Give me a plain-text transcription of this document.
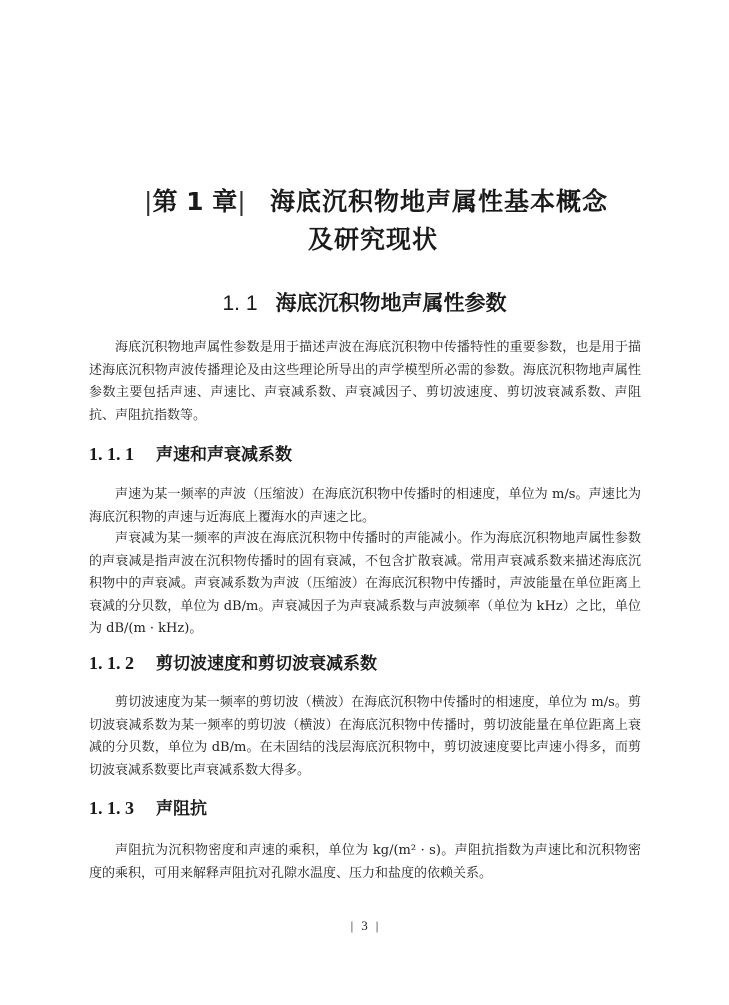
|第 1 章| 海底沉积物地声属性基本概念
及研究现状
1. 1 海底沉积物地声属性参数
海底沉积物地声属性参数是用于描述声波在海底沉积物中传播特性的重要参数，也是用于描述海底沉积物声波传播理论及由这些理论所导出的声学模型所必需的参数。海底沉积物地声属性参数主要包括声速、声速比、声衰减系数、声衰减因子、剪切波速度、剪切波衰减系数、声阻抗、声阻抗指数等。
1. 1. 1 声速和声衰减系数
声速为某一频率的声波（压缩波）在海底沉积物中传播时的相速度，单位为 m/s。声速比为海底沉积物的声速与近海底上覆海水的声速之比。
声衰减为某一频率的声波在海底沉积物中传播时的声能减小。作为海底沉积物地声属性参数的声衰减是指声波在沉积物传播时的固有衰减，不包含扩散衰减。常用声衰减系数来描述海底沉积物中的声衰减。声衰减系数为声波（压缩波）在海底沉积物中传播时，声波能量在单位距离上衰减的分贝数，单位为 dB/m。声衰减因子为声衰减系数与声波频率（单位为 kHz）之比，单位为 dB/(m · kHz)。
1. 1. 2 剪切波速度和剪切波衰减系数
剪切波速度为某一频率的剪切波（横波）在海底沉积物中传播时的相速度，单位为 m/s。剪切波衰减系数为某一频率的剪切波（横波）在海底沉积物中传播时，剪切波能量在单位距离上衰减的分贝数，单位为 dB/m。在未固结的浅层海底沉积物中，剪切波速度要比声速小得多，而剪切波衰减系数要比声衰减系数大得多。
1. 1. 3 声阻抗
声阻抗为沉积物密度和声速的乘积，单位为 kg/(m² · s)。声阻抗指数为声速比和沉积物密度的乘积，可用来解释声阻抗对孔隙水温度、压力和盐度的依赖关系。
| 3 |
